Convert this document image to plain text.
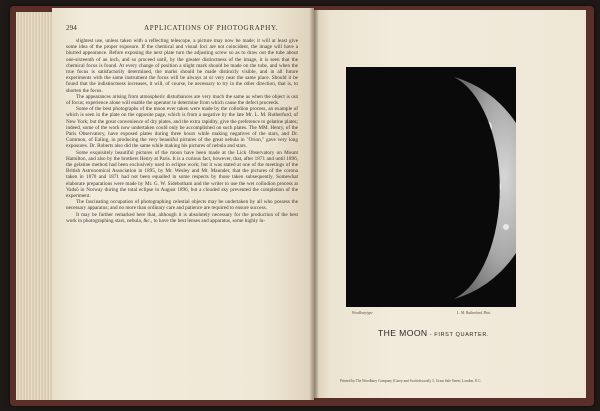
294	APPLICATIONS OF PHOTOGRAPHY.

slightest use, unless taken with a reflecting telescope, a picture may now be made; it will at least give some idea of the proper exposure. If the chemical and visual foci are not coincident, the image will have a blurred appearance. Before exposing the next plate turn the adjusting screw so as to draw out the tube about one-sixteenth of an inch, and so proceed until, by the greater distinctness of the image, it is seen that the chemical focus is found. At every change of position a slight mark should be made on the tube, and when the true focus is satisfactorily determined, the marks should be made distinctly visible, and in all future experiments with the same instrument the focus will be always at or very near the same place. Should it be found that the indistinctness increases, it will, of course, be necessary to try in the other direction, that is, to shorten the focus.

The appearances arising from atmospheric disturbances are very much the same as when the object is out of focus; experience alone will enable the operator to determine from which cause the defect proceeds.

Some of the best photographs of the moon ever taken were made by the collodion process, an example of which is seen in the plate on the opposite page, which is from a negative by the late Mr. L. M. Rutherfurd, of New York; but the great convenience of dry plates, and the extra rapidity, give the preference to gelatine plates; indeed, some of the work now undertaken could only be accomplished on such plates. The MM. Henry, of the Paris Observatory, have exposed plates during three hours while making negatives of the stars, and Dr. Common, of Ealing, in producing the very beautiful pictures of the great nebula in "Orion," gave very long exposures. Dr. Roberts also did the same while making his pictures of nebula and stars.

Some exquisitely beautiful pictures of the moon have been made at the Lick Observatory on Mount Hamilton, and also by the brothers Henry at Paris. It is a curious fact, however, that, after 1871 and until 1896, the gelatine method had been exclusively used in eclipse work; but it was stated at one of the meetings of the British Astronomical Association in 1895, by Mr. Wesley and Mr. Maunder, that the pictures of the corona taken in 1870 and 1871 had not been equalled in some respects by those taken subsequently. Somewhat elaborate preparations were made by Mr. G. W. Sidebotham and the writer to use the wet collodion process at Vadsö in Norway during the total eclipse in August 1896, but a clouded sky prevented the completion of the experiment.

The fascinating occupation of photographing celestial objects may be undertaken by all who possess the necessary apparatus; and no more than ordinary care and patience are required to ensure success.

It may be further remarked here that, although it is absolutely necessary for the production of the best work in photographing stars, nebula, &c., to have the best lenses and apparatus, some highly lu-

Woodburytype	L. M. Rutherfurd, Phot.
THE MOON - FIRST QUARTER.
Printed by The Woodbury Company (Carey and Scottishwood), 5, Great Sale Street, London, E.C.
